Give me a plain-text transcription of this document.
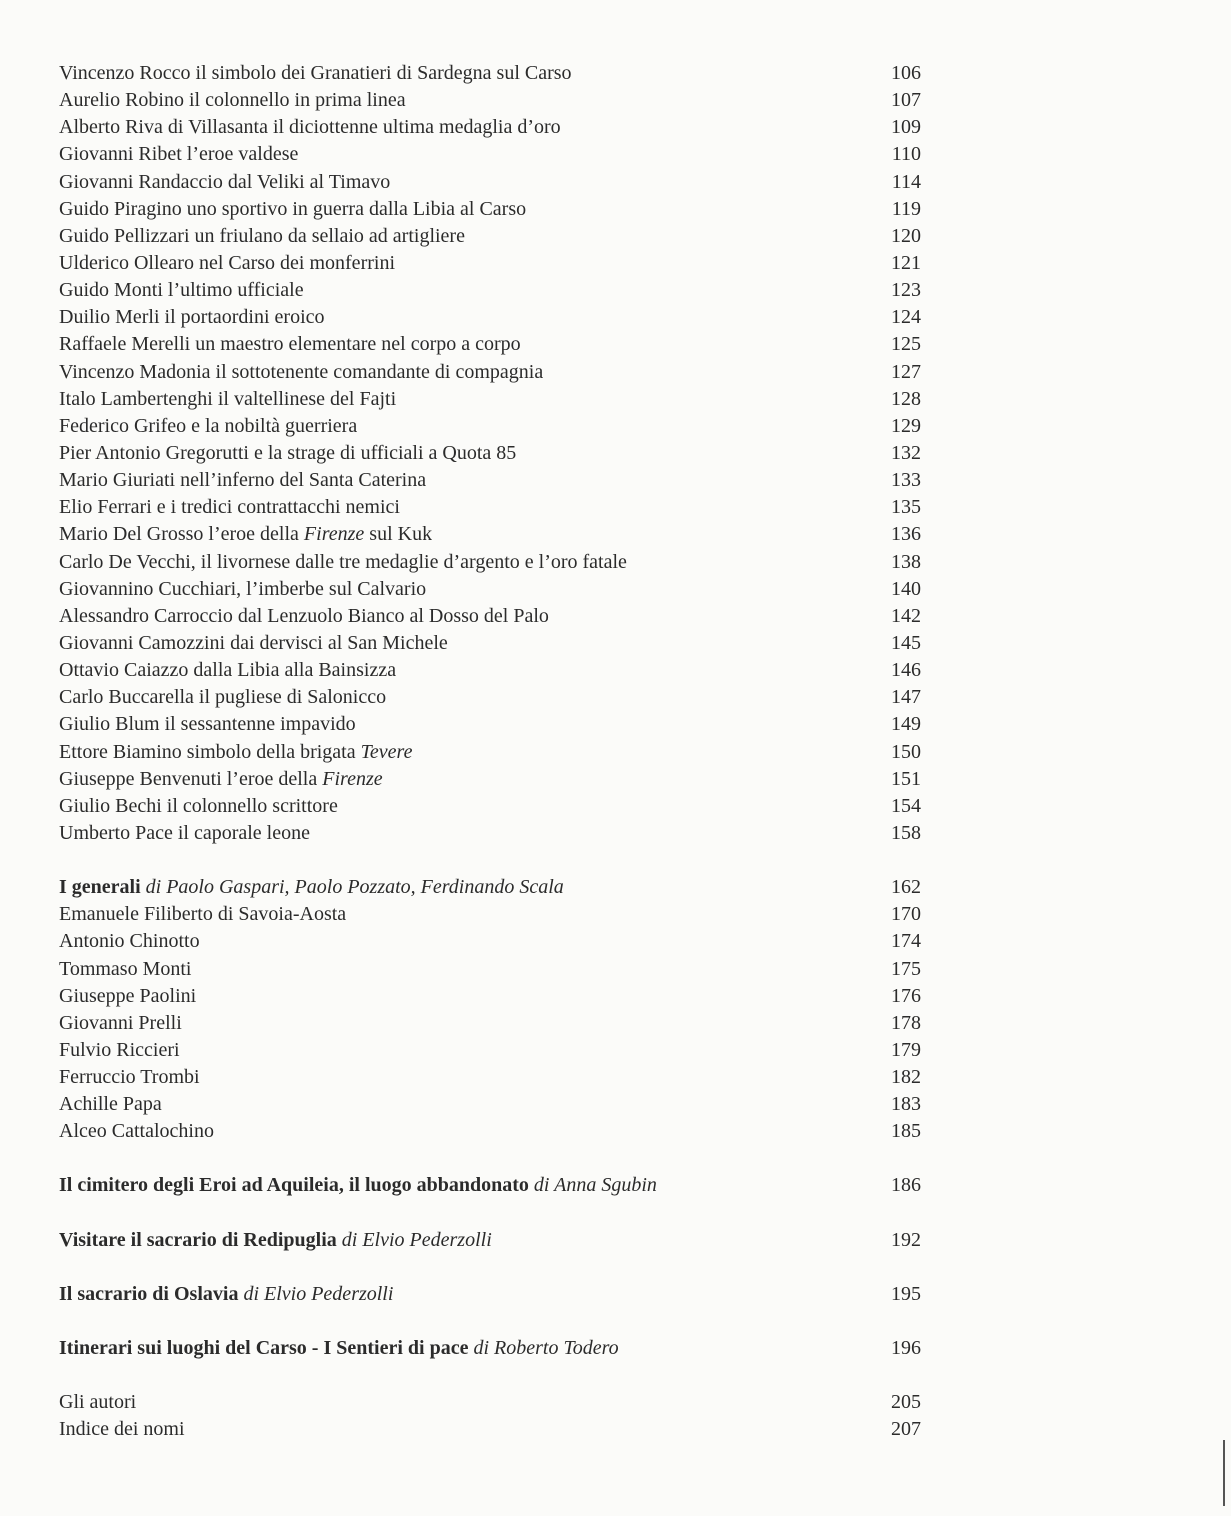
Vincenzo Rocco il simbolo dei Granatieri di Sardegna sul Carso	106
Aurelio Robino il colonnello in prima linea	107
Alberto Riva di Villasanta il diciottenne ultima medaglia d’oro	109
Giovanni Ribet l’eroe valdese	110
Giovanni Randaccio dal Veliki al Timavo	114
Guido Piragino uno sportivo in guerra dalla Libia al Carso	119
Guido Pellizzari un friulano da sellaio ad artigliere	120
Ulderico Ollearo nel Carso dei monferrini	121
Guido Monti l’ultimo ufficiale	123
Duilio Merli il portaordini eroico	124
Raffaele Merelli un maestro elementare nel corpo a corpo	125
Vincenzo Madonia il sottotenente comandante di compagnia	127
Italo Lambertenghi il valtellinese del Fajti	128
Federico Grifeo e la nobiltà guerriera	129
Pier Antonio Gregorutti e la strage di ufficiali a Quota 85	132
Mario Giuriati nell’inferno del Santa Caterina	133
Elio Ferrari e i tredici contrattacchi nemici	135
Mario Del Grosso l’eroe della Firenze sul Kuk	136
Carlo De Vecchi, il livornese dalle tre medaglie d’argento e l’oro fatale	138
Giovannino Cucchiari, l’imberbe sul Calvario	140
Alessandro Carroccio dal Lenzuolo Bianco al Dosso del Palo	142
Giovanni Camozzini dai dervisci al San Michele	145
Ottavio Caiazzo dalla Libia alla Bainsizza	146
Carlo Buccarella il pugliese di Salonicco	147
Giulio Blum il sessantenne impavido	149
Ettore Biamino simbolo della brigata Tevere	150
Giuseppe Benvenuti l’eroe della Firenze	151
Giulio Bechi il colonnello scrittore	154
Umberto Pace il caporale leone	158
I generali di Paolo Gaspari, Paolo Pozzato, Ferdinando Scala	162
Emanuele Filiberto di Savoia-Aosta	170
Antonio Chinotto	174
Tommaso Monti	175
Giuseppe Paolini	176
Giovanni Prelli	178
Fulvio Riccieri	179
Ferruccio Trombi	182
Achille Papa	183
Alceo Cattalochino	185
Il cimitero degli Eroi ad Aquileia, il luogo abbandonato di Anna Sgubin	186
Visitare il sacrario di Redipuglia di Elvio Pederzolli	192
Il sacrario di Oslavia di Elvio Pederzolli	195
Itinerari sui luoghi del Carso - I Sentieri di pace di Roberto Todero	196
Gli autori	205
Indice dei nomi	207
